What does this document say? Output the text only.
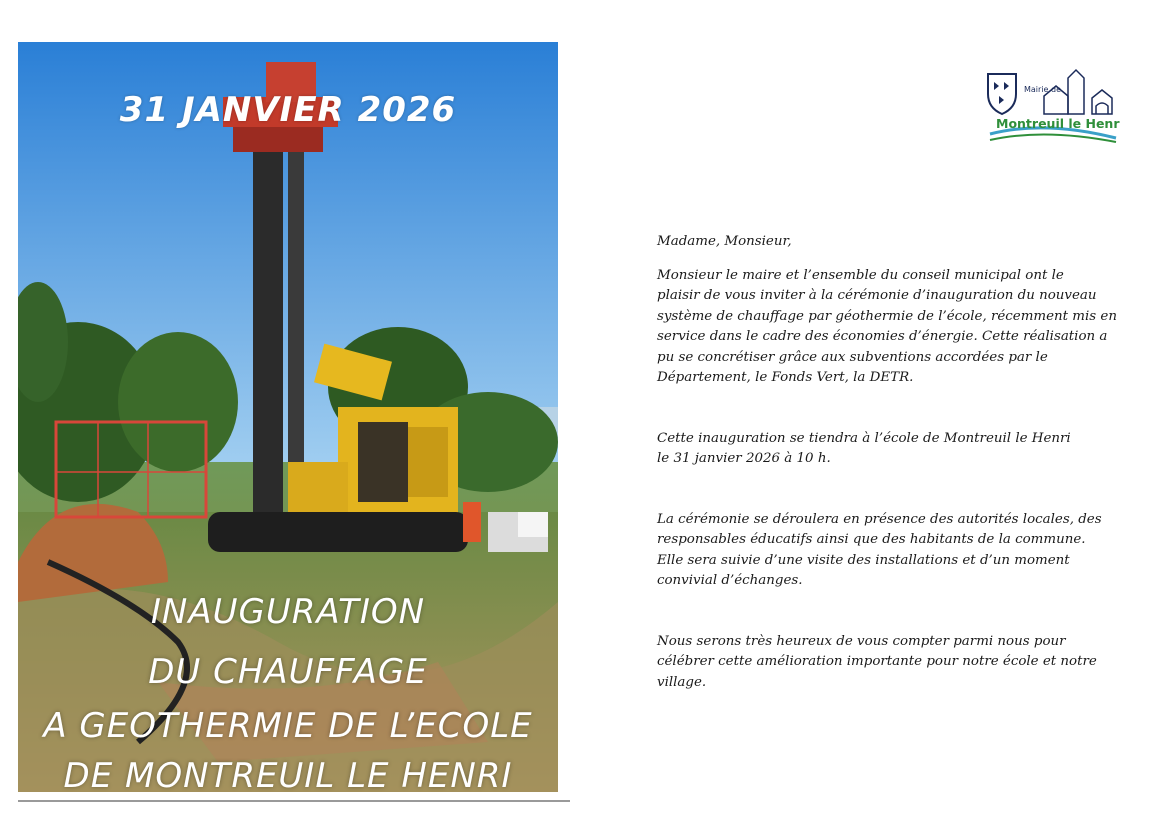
31 JANVIER 2026
INAUGURATION
DU CHAUFFAGE
A GEOTHERMIE DE L’ECOLE
DE MONTREUIL LE HENRI
Mairie de
Montreuil le Henri

Madame, Monsieur,

Monsieur le maire et l’ensemble du conseil municipal ont le
plaisir de vous inviter à la cérémonie d’inauguration du nouveau
système de chauffage par géothermie de l’école, récemment mis en
service dans le cadre des économies d’énergie. Cette réalisation a
pu se concrétiser grâce aux subventions accordées par le
Département, le Fonds Vert, la DETR.

Cette inauguration se tiendra à l’école de Montreuil le Henri
le 31 janvier 2026 à 10 h.

La cérémonie se déroulera en présence des autorités locales, des
responsables éducatifs ainsi que des habitants de la commune.
Elle sera suivie d’une visite des installations et d’un moment
convivial d’échanges.

Nous serons très heureux de vous compter parmi nous pour
célébrer cette amélioration importante pour notre école et notre
village.
